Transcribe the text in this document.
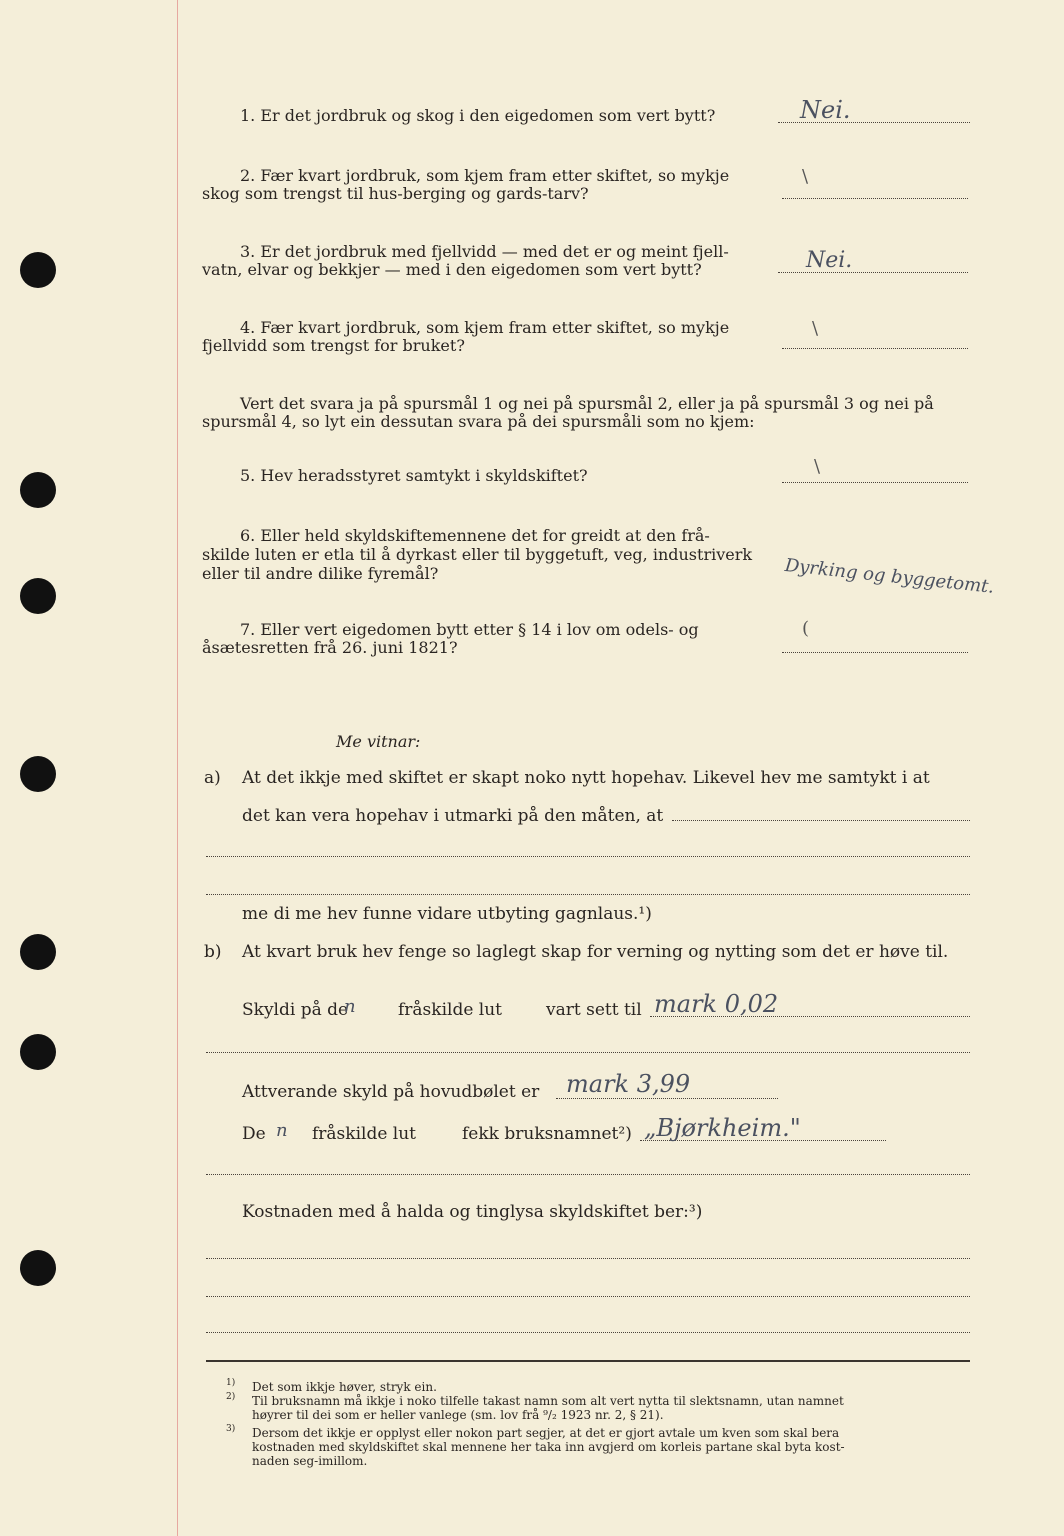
1. Er det jordbruk og skog i den eigedomen som vert bytt?	Nei.
2. Fær kvart jordbruk, som kjem fram etter skiftet, so mykje
skog som trengst til hus-berging og gards-tarv?
\
3. Er det jordbruk med fjellvidd — med det er og meint fjell-
vatn, elvar og bekkjer — med i den eigedomen som vert bytt?	Nei.
4. Fær kvart jordbruk, som kjem fram etter skiftet, so mykje
fjellvidd som trengst for bruket?
\
Vert det svara ja på spursmål 1 og nei på spursmål 2, eller ja på spursmål 3 og nei på
spursmål 4, so lyt ein dessutan svara på dei spursmåli som no kjem:
5. Hev heradsstyret samtykt i skyldskiftet?	\
6. Eller held skyldskiftemennene det for greidt at den frå-
skilde luten er etla til å dyrkast eller til byggetuft, veg, industriverk
eller til andre dilike fyremål?	Dyrking og byggetomt.
7. Eller vert eigedomen bytt etter § 14 i lov om odels- og
åsætesretten frå 26. juni 1821?
(
Me vitnar:
a) At det ikkje med skiftet er skapt noko nytt hopehav. Likevel hev me samtykt i at
det kan vera hopehav i utmarki på den måten, at
me di me hev funne vidare utbyting gagnlaus.¹)
b) At kvart bruk hev fenge so laglegt skap for verning og nytting som det er høve til.
Skyldi på de
n fråskilde lut	vart sett til mark 0,02
Attverande skyld på hovudbølet er mark 3,99
De n fråskilde lut	fekk bruksnamnet²) „Bjørkheim."
Kostnaden med å halda og tinglysa skyldskiftet ber:³)
1) Det som ikkje høver, stryk ein.
2) Til bruksnamn må ikkje i noko tilfelle takast namn som alt vert nytta til slektsnamn, utan namnet
høyrer til dei som er heller vanlege (sm. lov frå ⁹/₂ 1923 nr. 2, § 21).
3) Dersom det ikkje er opplyst eller nokon part segjer, at det er gjort avtale um kven som skal bera
kostnaden med skyldskiftet skal mennene her taka inn avgjerd om korleis partane skal byta kost-
naden seg-imillom.
